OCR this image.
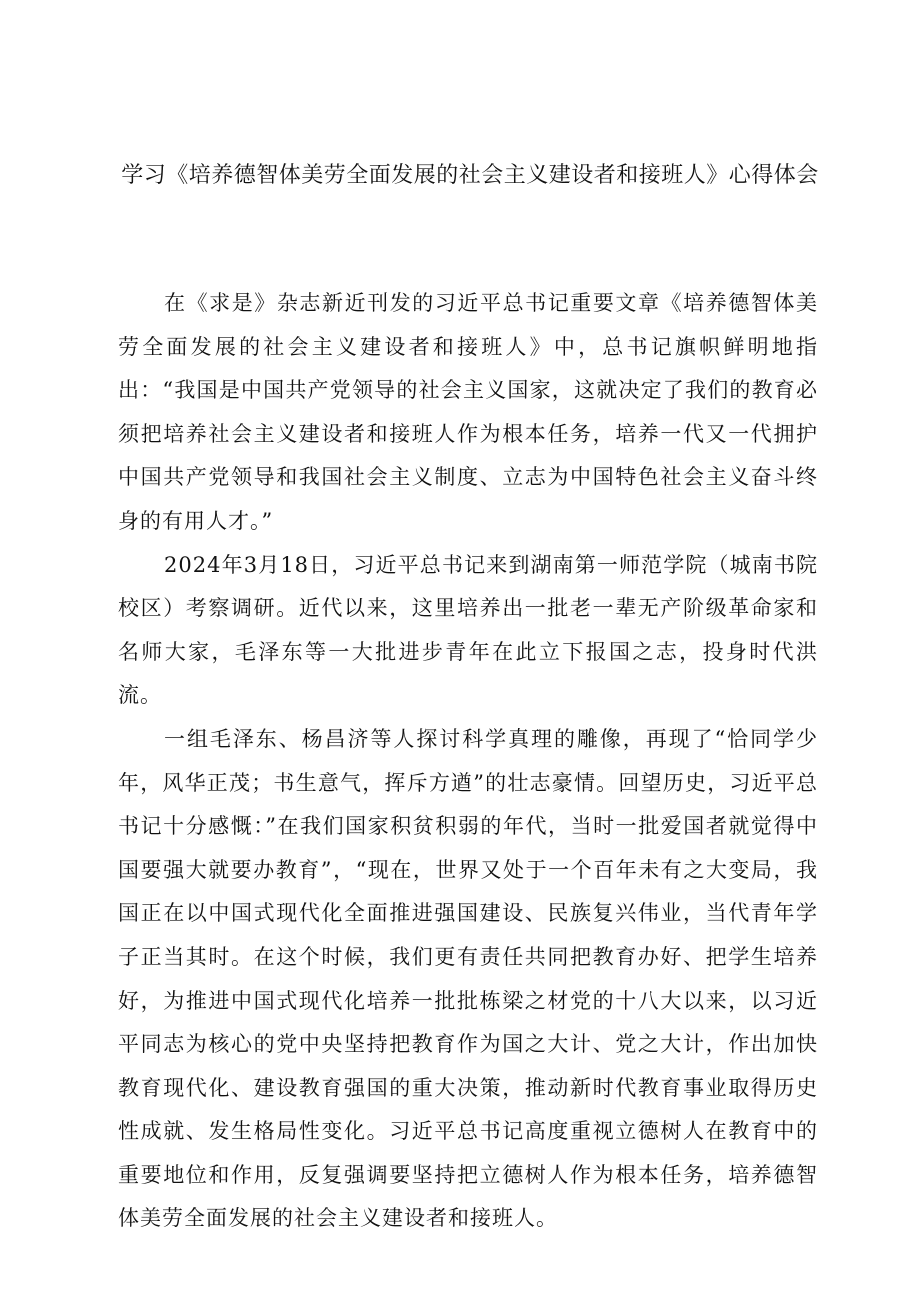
学习《培养德智体美劳全面发展的社会主义建设者和接班人》心得体会

在《求是》杂志新近刊发的习近平总书记重要文章《培养德智体美劳全面发展的社会主义建设者和接班人》中，总书记旗帜鲜明地指出：“我国是中国共产党领导的社会主义国家，这就决定了我们的教育必须把培养社会主义建设者和接班人作为根本任务，培养一代又一代拥护中国共产党领导和我国社会主义制度、立志为中国特色社会主义奋斗终身的有用人才。”

2024年3月18日，习近平总书记来到湖南第一师范学院（城南书院校区）考察调研。近代以来，这里培养出一批老一辈无产阶级革命家和名师大家，毛泽东等一大批进步青年在此立下报国之志，投身时代洪流。

一组毛泽东、杨昌济等人探讨科学真理的雕像，再现了“恰同学少年，风华正茂；书生意气，挥斥方遒”的壮志豪情。回望历史，习近平总书记十分感慨：”在我们国家积贫积弱的年代，当时一批爱国者就觉得中国要强大就要办教育”，“现在，世界又处于一个百年未有之大变局，我国正在以中国式现代化全面推进强国建设、民族复兴伟业，当代青年学子正当其时。在这个时候，我们更有责任共同把教育办好、把学生培养好，为推进中国式现代化培养一批批栋梁之材党的十八大以来，以习近平同志为核心的党中央坚持把教育作为国之大计、党之大计，作出加快教育现代化、建设教育强国的重大决策，推动新时代教育事业取得历史性成就、发生格局性变化。习近平总书记高度重视立德树人在教育中的重要地位和作用，反复强调要坚持把立德树人作为根本任务，培养德智体美劳全面发展的社会主义建设者和接班人。
